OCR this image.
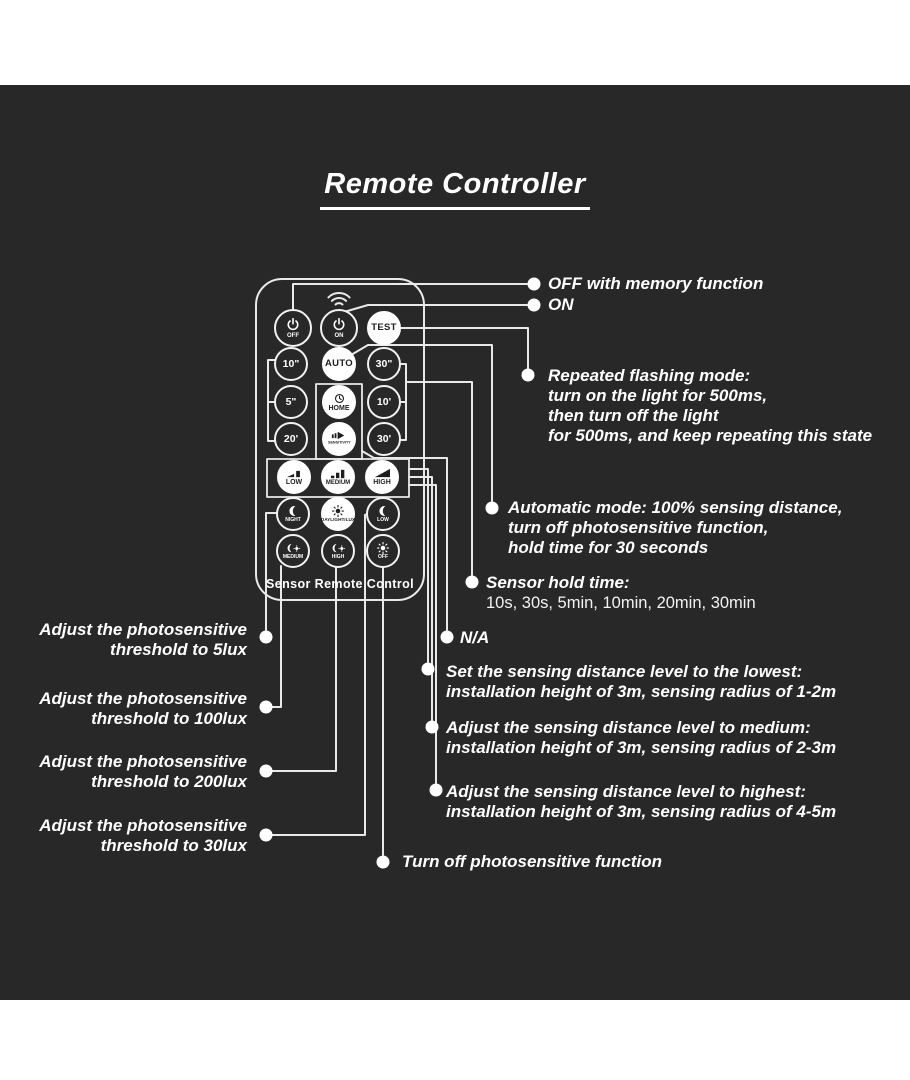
Remote Controller
OFF	ON
TEST
10"	AUTO 30"
5"
HOME
10'
20'	SENSITIVITY	30'
LOW	MEDIUM	HIGH
NIGHT	DAYLIGHT/LUX	LOW
MEDIUM	HIGH	OFF
Sensor Remote Control
OFF with memory function
ON
Repeated flashing mode:
turn on the light for 500ms,
then turn off the light
for 500ms, and keep repeating this state
Automatic mode: 100% sensing distance,
turn off photosensitive function,
hold time for 30 seconds
Sensor hold time:
10s, 30s, 5min, 10min, 20min, 30min
N/A
Set the sensing distance level to the lowest:
installation height of 3m, sensing radius of 1-2m
Adjust the sensing distance level to medium:
installation height of 3m, sensing radius of 2-3m
Adjust the sensing distance level to highest:
installation height of 3m, sensing radius of 4-5m
Turn off photosensitive function
Adjust the photosensitive
threshold to 5lux
Adjust the photosensitive
threshold to 100lux
Adjust the photosensitive
threshold to 200lux
Adjust the photosensitive
threshold to 30lux
